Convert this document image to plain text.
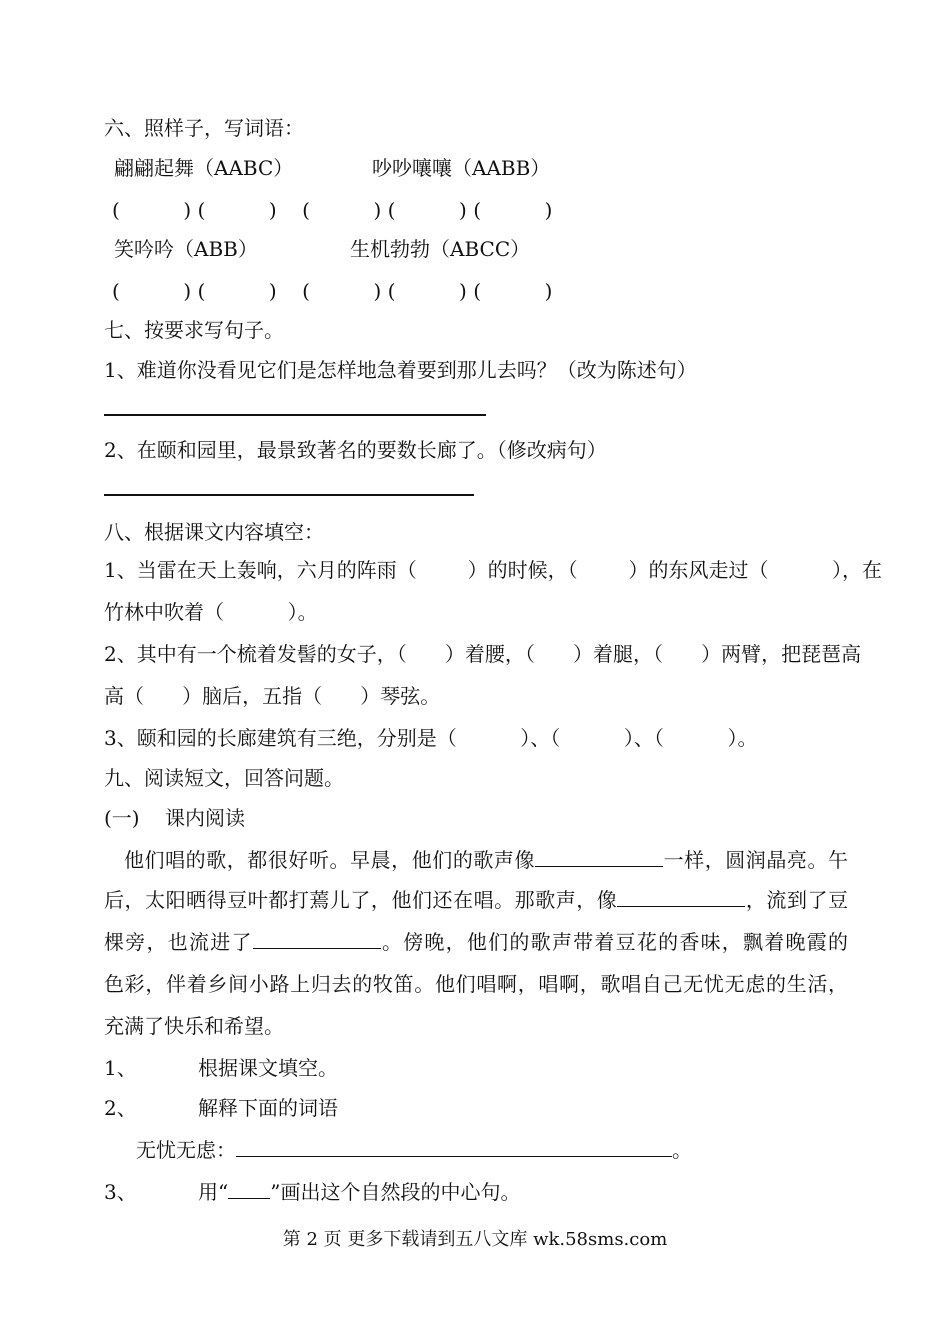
六、照样子，写词语：
翩翩起舞（AABC）	吵吵嚷嚷（AABB）
(          ) (          )    (          ) (          ) (          )
笑吟吟（ABB）	生机勃勃（ABCC）
(          ) (          )    (          ) (          ) (          )
七、按要求写句子。
1、难道你没看见它们是怎样地急着要到那儿去吗？（改为陈述句）
2、在颐和园里，最景致著名的要数长廊了。（修改病句）
八、根据课文内容填空：
1、当雷在天上轰响，六月的阵雨（        ）的时候，（        ）的东风走过（          ），在
竹林中吹着（          ）。
2、其中有一个梳着发髻的女子，（      ）着腰，（      ）着腿，（      ）两臂，把琵琶高
高（      ）脑后，五指（      ）琴弦。
3、颐和园的长廊建筑有三绝，分别是（          ）、（          ）、（          ）。
九、阅读短文，回答问题。
(一)    课内阅读
他们唱的歌，都很好听。早晨，他们的歌声像	一样，圆润晶亮。午
后，太阳晒得豆叶都打蔫儿了，他们还在唱。那歌声，像	，流到了豆
棵旁，也流进了	。傍晚，他们的歌声带着豆花的香味，飘着晚霞的
色彩，伴着乡间小路上归去的牧笛。他们唱啊，唱啊，歌唱自己无忧无虑的生活，
充满了快乐和希望。
1、	根据课文填空。
2、	解释下面的词语
无忧无虑：	。
3、	用“ ”画出这个自然段的中心句。
第 2 页 更多下载请到五八文库 wk.58sms.com
